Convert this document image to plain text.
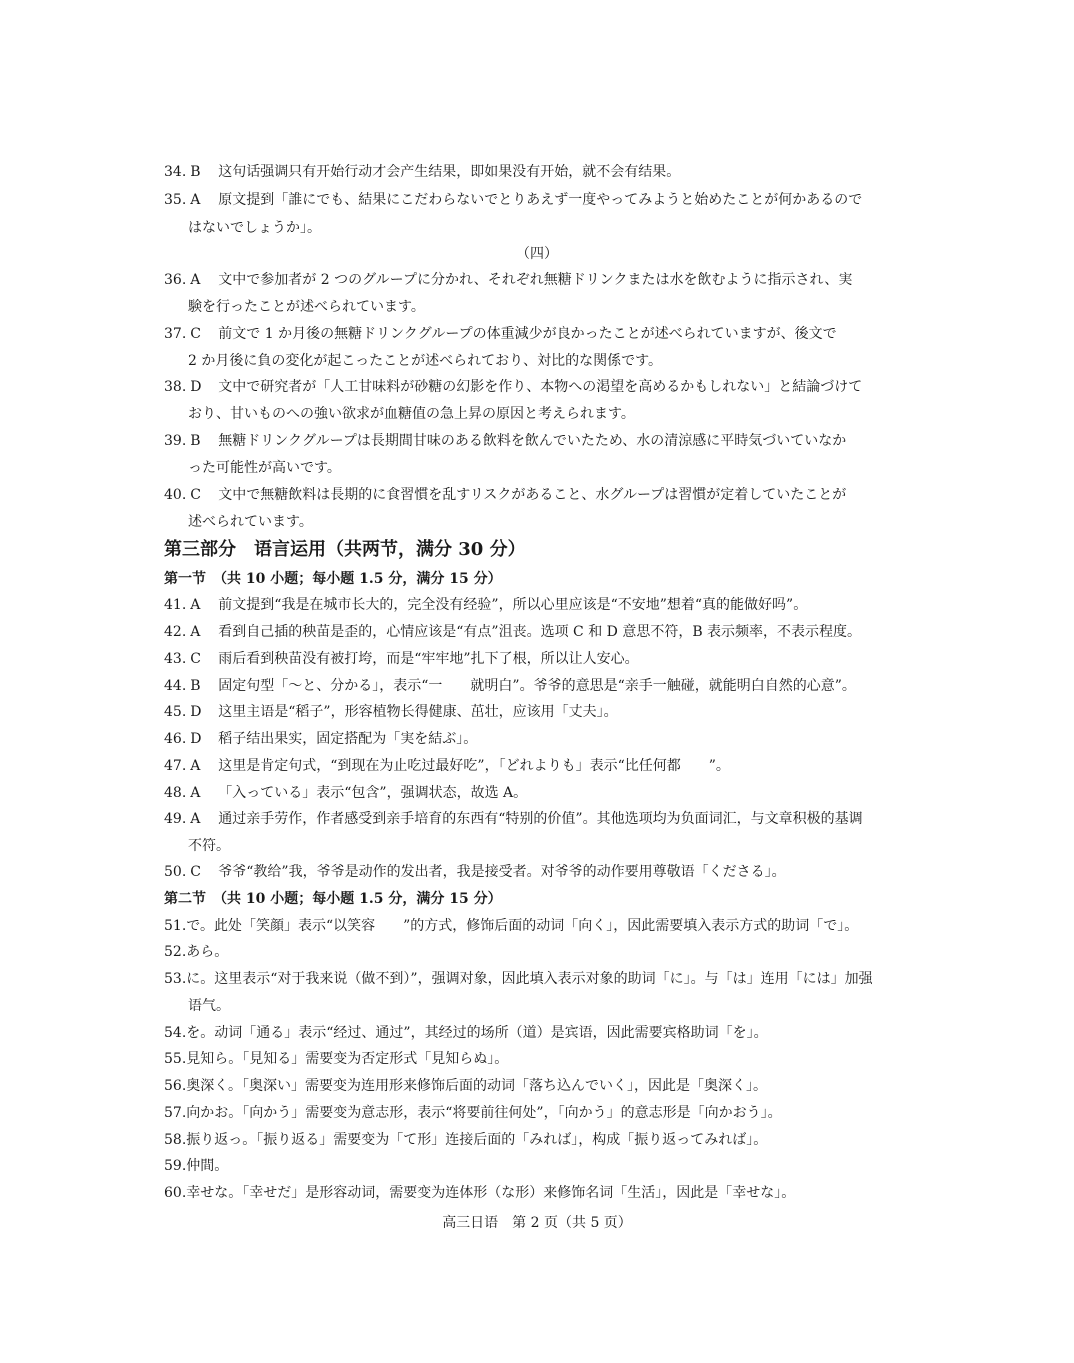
34. B 这句话强调只有开始行动才会产生结果，即如果没有开始，就不会有结果。
35. A 原文提到「誰にでも、結果にこだわらないでとりあえず一度やってみようと始めたことが何かあるので
はないでしょうか」。
（四）
36. A 文中で参加者が 2 つのグループに分かれ、それぞれ無糖ドリンクまたは水を飲むように指示され、実
験を行ったことが述べられています。
37. C 前文で 1 か月後の無糖ドリンクグループの体重減少が良かったことが述べられていますが、後文で
2 か月後に負の変化が起こったことが述べられており、対比的な関係です。
38. D 文中で研究者が「人工甘味料が砂糖の幻影を作り、本物への渇望を高めるかもしれない」と結論づけて
おり、甘いものへの強い欲求が血糖值の急上昇の原因と考えられます。
39. B 無糖ドリンクグループは長期間甘味のある飲料を飲んでいたため、水の清涼感に平時気づいていなか
った可能性が高いです。
40. C 文中で無糖飲料は長期的に食習慣を乱すリスクがあること、水グループは習慣が定着していたことが
述べられています。
第三部分　语言运用（共两节，满分 30 分）
第一节　（共 10 小题；每小题 1.5 分，满分 15 分）
41. A 前文提到“我是在城市长大的，完全没有经验”，所以心里应该是“不安地”想着“真的能做好吗”。
42. A 看到自己插的秧苗是歪的，心情应该是“有点”沮丧。选项 C 和 D 意思不符，B 表示频率，不表示程度。
43. C 雨后看到秧苗没有被打垮，而是“牢牢地”扎下了根，所以让人安心。
44. B 固定句型「～と、分かる」，表示“一　　就明白”。爷爷的意思是“亲手一触碰，就能明白自然的心意”。
45. D 这里主语是“稻子”，形容植物长得健康、茁壮，应该用「丈夫」。
46. D 稻子结出果实，固定搭配为「実を結ぶ」。
47. A 这里是肯定句式，“到现在为止吃过最好吃”，「どれよりも」表示“比任何都　　”。
48. A 「入っている」表示“包含”，强调状态，故选 A。
49. A 通过亲手劳作，作者感受到亲手培育的东西有“特别的价值”。其他选项均为负面词汇，与文章积极的基调
不符。
50. C 爷爷“教给”我，爷爷是动作的发出者，我是接受者。对爷爷的动作要用尊敬语「くださる」。
第二节　（共 10 小题；每小题 1.5 分，满分 15 分）
51.で。此处「笑顔」表示“以笑容　　”的方式，修饰后面的动词「向く」，因此需要填入表示方式的助词「で」。
52.あら。
53.に。这里表示“对于我来说（做不到）”，强调对象，因此填入表示对象的助词「に」。与「は」连用「には」加强
语气。
54.を。动词「通る」表示“经过、通过”，其经过的场所（道）是宾语，因此需要宾格助词「を」。
55.見知ら。「見知る」需要变为否定形式「見知らぬ」。
56.奥深く。「奥深い」需要变为连用形来修饰后面的动词「落ち込んでいく」，因此是「奥深く」。
57.向かお。「向かう」需要变为意志形，表示“将要前往何处”，「向かう」的意志形是「向かおう」。
58.振り返っ。「振り返る」需要变为「て形」连接后面的「みれば」，构成「振り返ってみれば」。
59.仲間。
60.幸せな。「幸せだ」是形容动词，需要变为连体形（な形）来修饰名词「生活」，因此是「幸せな」。
高三日语　第 2 页（共 5 页）
